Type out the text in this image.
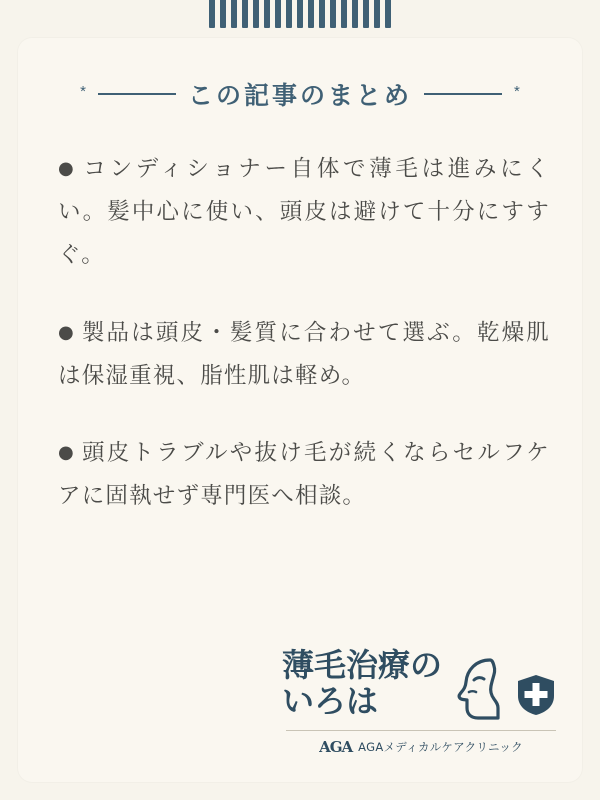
*	この記事のまとめ	*

● コンディショナー自体で薄毛は進みにくい。髪中心に使い、頭皮は避けて十分にすすぐ。

● 製品は頭皮・髪質に合わせて選ぶ。乾燥肌は保湿重視、脂性肌は軽め。

● 頭皮トラブルや抜け毛が続くならセルフケアに固執せず専門医へ相談。

薄毛治療の
いろは
AGA AGAメディカルケアクリニック
